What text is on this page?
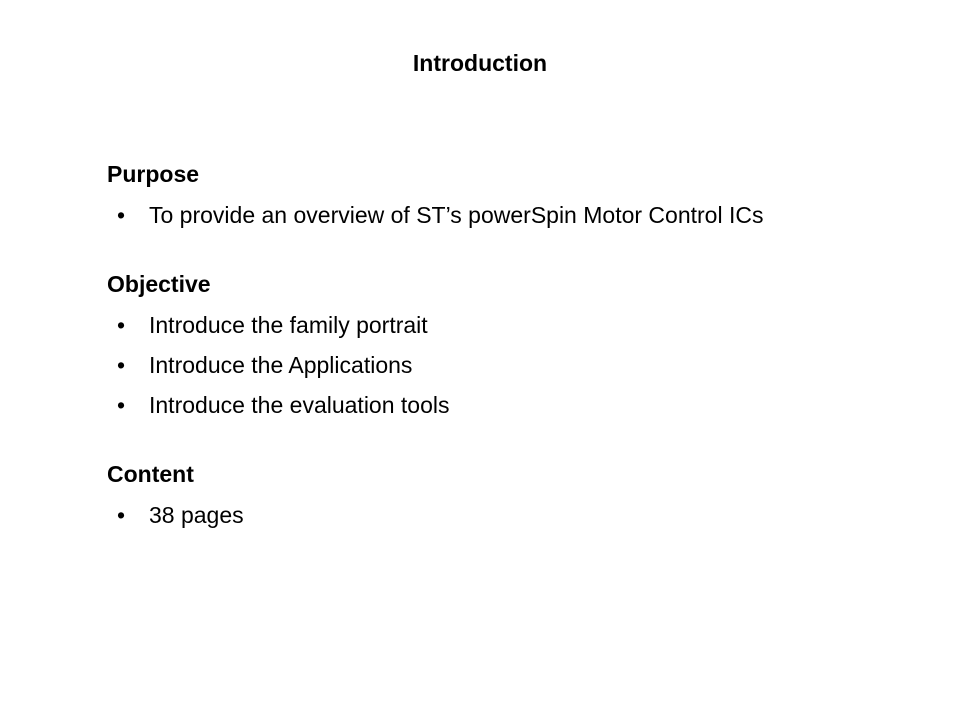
Introduction
Purpose
• To provide an overview of ST’s powerSpin Motor Control ICs
Objective
• Introduce the family portrait
• Introduce the Applications
• Introduce the evaluation tools
Content
• 38 pages
